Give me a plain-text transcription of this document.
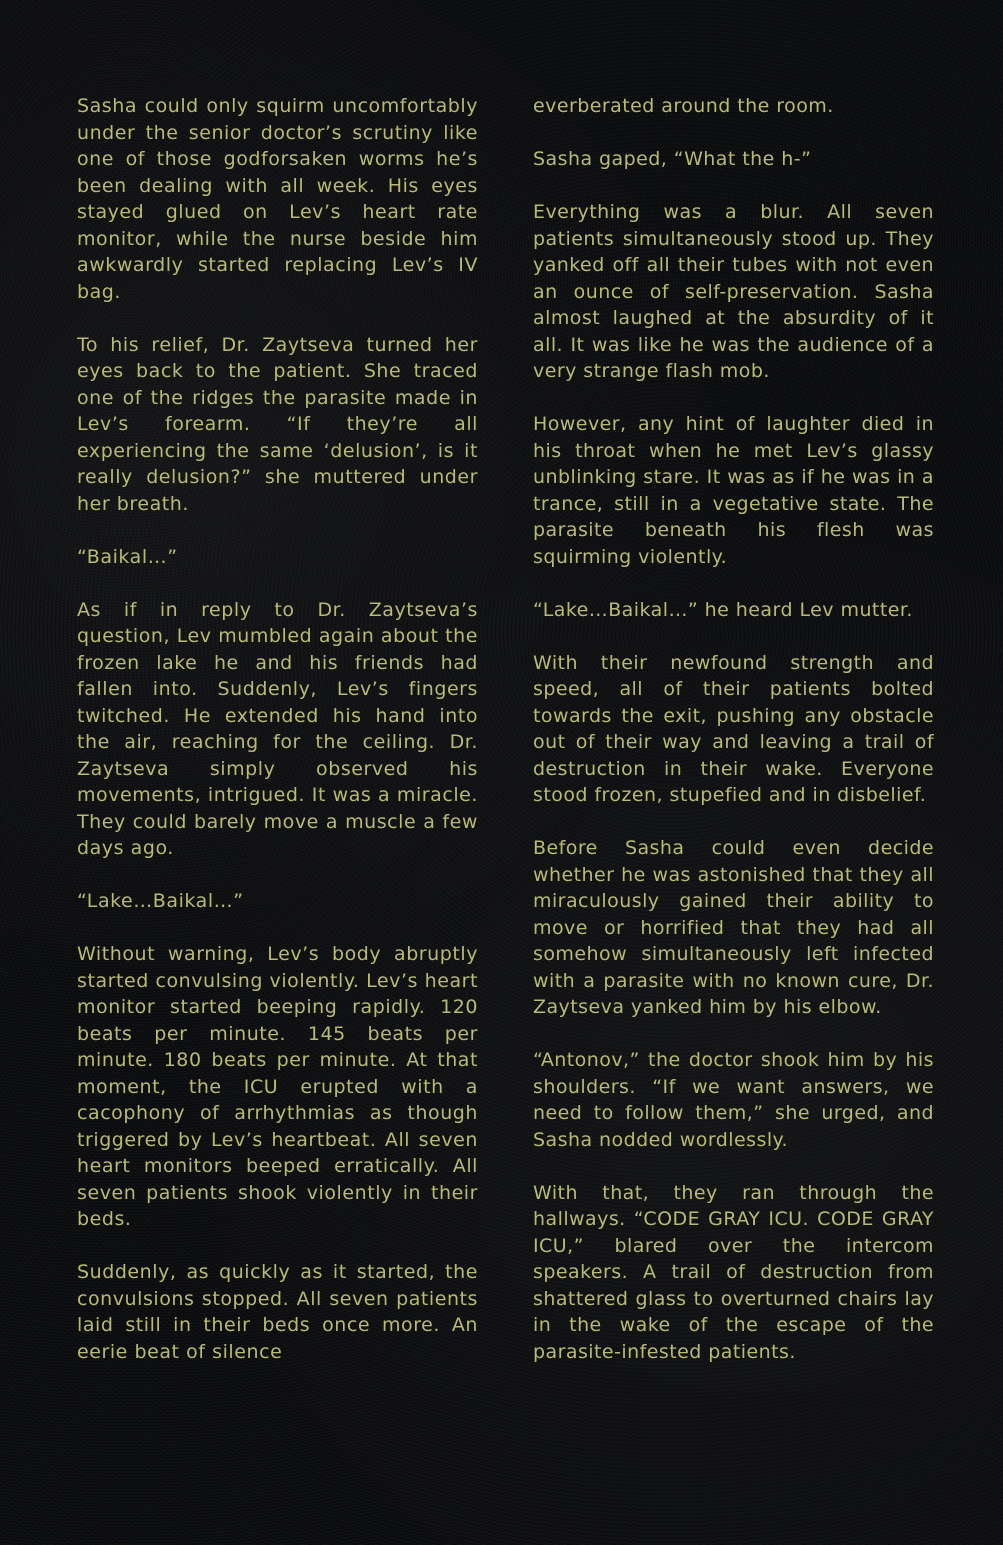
Sasha could only squirm uncomfortably under the senior doctor’s scrutiny like one of those godforsaken worms he’s been dealing with all week. His eyes stayed glued on Lev’s heart rate monitor, while the nurse beside him awkwardly started replacing Lev’s IV bag.

To his relief, Dr. Zaytseva turned her eyes back to the patient. She traced one of the ridges the parasite made in Lev’s forearm. “If they’re all experiencing the same ‘delusion’, is it really delusion?” she muttered under her breath.

“Baikal…”

As if in reply to Dr. Zaytseva’s question, Lev mumbled again about the frozen lake he and his friends had fallen into. Suddenly, Lev’s fingers twitched. He extended his hand into the air, reaching for the ceiling. Dr. Zaytseva simply observed his movements, intrigued. It was a miracle. They could barely move a muscle a few days ago.

“Lake…Baikal…”

Without warning, Lev’s body abruptly started convulsing violently. Lev’s heart monitor started beeping rapidly. 120 beats per minute. 145 beats per minute. 180 beats per minute. At that moment, the ICU erupted with a cacophony of arrhythmias as though triggered by Lev’s heartbeat. All seven heart monitors beeped erratically. All seven patients shook violently in their beds.

Suddenly, as quickly as it started, the convulsions stopped. All seven patients laid still in their beds once more. An eerie beat of silence

everberated around the room.

Sasha gaped, “What the h-”

Everything was a blur. All seven patients simultaneously stood up. They yanked off all their tubes with not even an ounce of self-preservation. Sasha almost laughed at the absurdity of it all. It was like he was the audience of a very strange flash mob.

However, any hint of laughter died in his throat when he met Lev’s glassy unblinking stare. It was as if he was in a trance, still in a vegetative state. The parasite beneath his flesh was squirming violently.

“Lake…Baikal…” he heard Lev mutter.

With their newfound strength and speed, all of their patients bolted towards the exit, pushing any obstacle out of their way and leaving a trail of destruction in their wake. Everyone stood frozen, stupefied and in disbelief.

Before Sasha could even decide whether he was astonished that they all miraculously gained their ability to move or horrified that they had all somehow simultaneously left infected with a parasite with no known cure, Dr. Zaytseva yanked him by his elbow.

“Antonov,” the doctor shook him by his shoulders. “If we want answers, we need to follow them,” she urged, and Sasha nodded wordlessly.

With that, they ran through the hallways. “CODE GRAY ICU. CODE GRAY ICU,” blared over the intercom speakers. A trail of destruction from shattered glass to overturned chairs lay in the wake of the escape of the parasite-infested patients.
